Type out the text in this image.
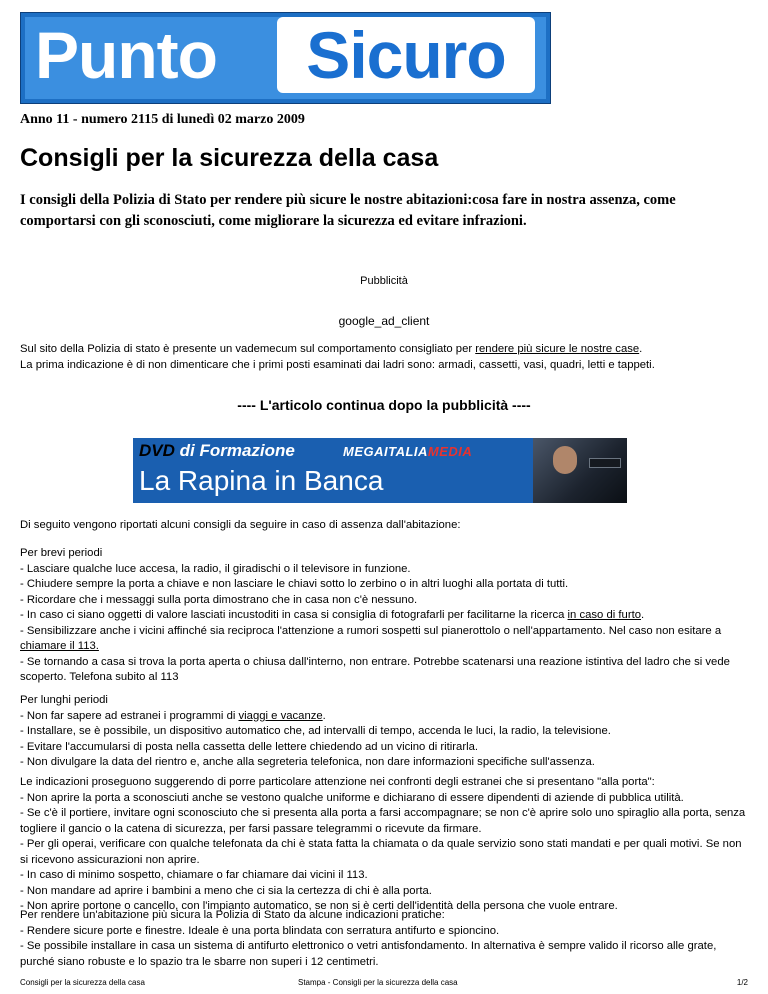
Punto	Sicuro
Anno 11 - numero 2115 di lunedì 02 marzo 2009
Consigli per la sicurezza della casa

I consigli della Polizia di Stato per rendere più sicure le nostre abitazioni:cosa fare in nostra assenza, come comportarsi con gli sconosciuti, come migliorare la sicurezza ed evitare infrazioni.

Pubblicità
google_ad_client
Sul sito della Polizia di stato è presente un vademecum sul comportamento consigliato per rendere più sicure le nostre case.
La prima indicazione è di non dimenticare che i primi posti esaminati dai ladri sono: armadi, cassetti, vasi, quadri, letti e tappeti.
---- L'articolo continua dopo la pubblicità ----
DVD di Formazione	MEGAITALIAMEDIA
La Rapina in Banca
Di seguito vengono riportati alcuni consigli da seguire in caso di assenza dall'abitazione:
Per brevi periodi
- Lasciare qualche luce accesa, la radio, il giradischi o il televisore in funzione.
- Chiudere sempre la porta a chiave e non lasciare le chiavi sotto lo zerbino o in altri luoghi alla portata di tutti.
- Ricordare che i messaggi sulla porta dimostrano che in casa non c'è nessuno.
- In caso ci siano oggetti di valore lasciati incustoditi in casa si consiglia di fotografarli per facilitarne la ricerca in caso di furto.
- Sensibilizzare anche i vicini affinché sia reciproca l'attenzione a rumori sospetti sul pianerottolo o nell'appartamento. Nel caso non esitare a chiamare il 113.
- Se tornando a casa si trova la porta aperta o chiusa dall'interno, non entrare. Potrebbe scatenarsi una reazione istintiva del ladro che si vede scoperto. Telefona subito al 113
Per lunghi periodi
- Non far sapere ad estranei i programmi di viaggi e vacanze.
- Installare, se è possibile, un dispositivo automatico che, ad intervalli di tempo, accenda le luci, la radio, la televisione.
- Evitare l'accumularsi di posta nella cassetta delle lettere chiedendo ad un vicino di ritirarla.
- Non divulgare la data del rientro e, anche alla segreteria telefonica, non dare informazioni specifiche sull'assenza.
Le indicazioni proseguono suggerendo di porre particolare attenzione nei confronti degli estranei che si presentano "alla porta":
- Non aprire la porta a sconosciuti anche se vestono qualche uniforme e dichiarano di essere dipendenti di aziende di pubblica utilità.
- Se c'è il portiere, invitare ogni sconosciuto che si presenta alla porta a farsi accompagnare; se non c'è aprire solo uno spiraglio alla porta, senza togliere il gancio o la catena di sicurezza, per farsi passare telegrammi o ricevute da firmare.
- Per gli operai, verificare con qualche telefonata da chi è stata fatta la chiamata o da quale servizio sono stati mandati e per quali motivi. Se non si ricevono assicurazioni non aprire.
- In caso di minimo sospetto, chiamare o far chiamare dai vicini il 113.
- Non mandare ad aprire i bambini a meno che ci sia la certezza di chi è alla porta.
- Non aprire portone o cancello, con l'impianto automatico, se non si è certi dell'identità della persona che vuole entrare.
Per rendere un'abitazione più sicura la Polizia di Stato da alcune indicazioni pratiche:
- Rendere sicure porte e finestre. Ideale è una porta blindata con serratura antifurto e spioncino.
- Se possibile installare in casa un sistema di antifurto elettronico o vetri antisfondamento. In alternativa è sempre valido il ricorso alle grate, purché siano robuste e lo spazio tra le sbarre non superi i 12 centimetri.
Consigli per la sicurezza della casa	Stampa - Consigli per la sicurezza della casa	1/2
